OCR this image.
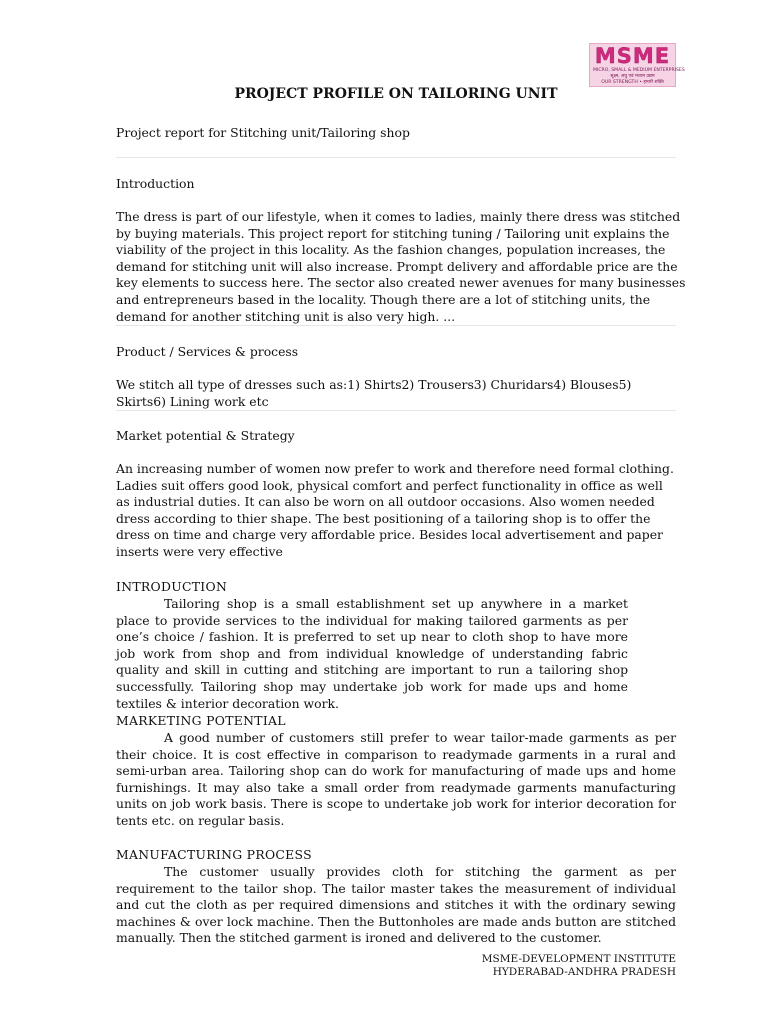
MSME
MICRO, SMALL & MEDIUM ENTERPRISES
सूक्ष्म, लघु एवं मध्यम उद्यम
OUR STRENGTH • हमारी शक्ति
PROJECT PROFILE ON TAILORING UNIT
Project report for Stitching unit/Tailoring shop
Introduction
The dress is part of our lifestyle, when it comes to ladies, mainly there dress was stitched
by buying materials. This project report for stitching tuning / Tailoring unit explains the
viability of the project in this locality. As the fashion changes, population increases, the
demand for stitching unit will also increase. Prompt delivery and affordable price are the
key elements to success here. The sector also created newer avenues for many businesses
and entrepreneurs based in the locality. Though there are a lot of stitching units, the
demand for another stitching unit is also very high. ...
Product / Services & process
We stitch all type of dresses such as:1) Shirts2) Trousers3) Churidars4) Blouses5)
Skirts6) Lining work etc
Market potential & Strategy
An increasing number of women now prefer to work and therefore need formal clothing.
Ladies suit offers good look, physical comfort and perfect functionality in office as well
as industrial duties. It can also be worn on all outdoor occasions. Also women needed
dress according to thier shape. The best positioning of a tailoring shop is to offer the
dress on time and charge very affordable price. Besides local advertisement and paper
inserts were very effective
INTRODUCTION
Tailoring shop is a small establishment set up anywhere in a market place to provide services to the individual for making tailored garments as per one’s choice / fashion. It is preferred to set up near to cloth shop to have more job work from shop and from individual knowledge of understanding fabric quality and skill in cutting and stitching are important to run a tailoring shop successfully. Tailoring shop may undertake job work for made ups and home textiles & interior decoration work.
MARKETING POTENTIAL
A good number of customers still prefer to wear tailor-made garments as per their choice. It is cost effective in comparison to readymade garments in a rural and semi-urban area. Tailoring shop can do work for manufacturing of made ups and home furnishings. It may also take a small order from readymade garments manufacturing units on job work basis. There is scope to undertake job work for interior decoration for tents etc. on regular basis.
MANUFACTURING PROCESS
The customer usually provides cloth for stitching the garment as per requirement to the tailor shop. The tailor master takes the measurement of individual and cut the cloth as per required dimensions and stitches it with the ordinary sewing machines & over lock machine. Then the Buttonholes are made ands button are stitched manually. Then the stitched garment is ironed and delivered to the customer.
MSME-DEVELOPMENT INSTITUTE
HYDERABAD-ANDHRA PRADESH
